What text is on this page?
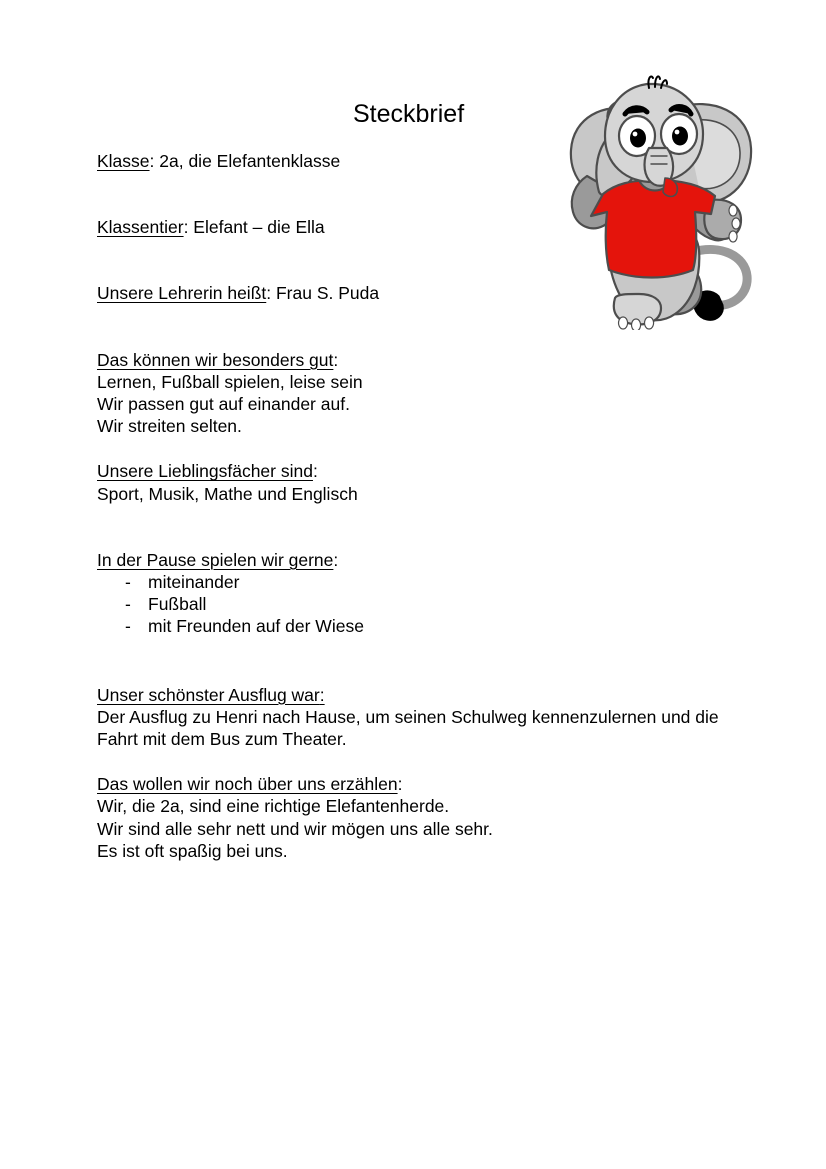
Steckbrief
Klasse: 2a, die Elefantenklasse
Klassentier: Elefant – die Ella
Unsere Lehrerin heißt: Frau S. Puda
Das können wir besonders gut:
Lernen, Fußball spielen, leise sein
Wir passen gut auf einander auf.
Wir streiten selten.
Unsere Lieblingsfächer sind:
Sport, Musik, Mathe und Englisch
In der Pause spielen wir gerne:
- miteinander
- Fußball
- mit Freunden auf der Wiese
Unser schönster Ausflug war:
Der Ausflug zu Henri nach Hause, um seinen Schulweg kennenzulernen und die Fahrt mit dem Bus zum Theater.
Das wollen wir noch über uns erzählen:
Wir, die 2a, sind eine richtige Elefantenherde.
Wir sind alle sehr nett und wir mögen uns alle sehr.
Es ist oft spaßig bei uns.
